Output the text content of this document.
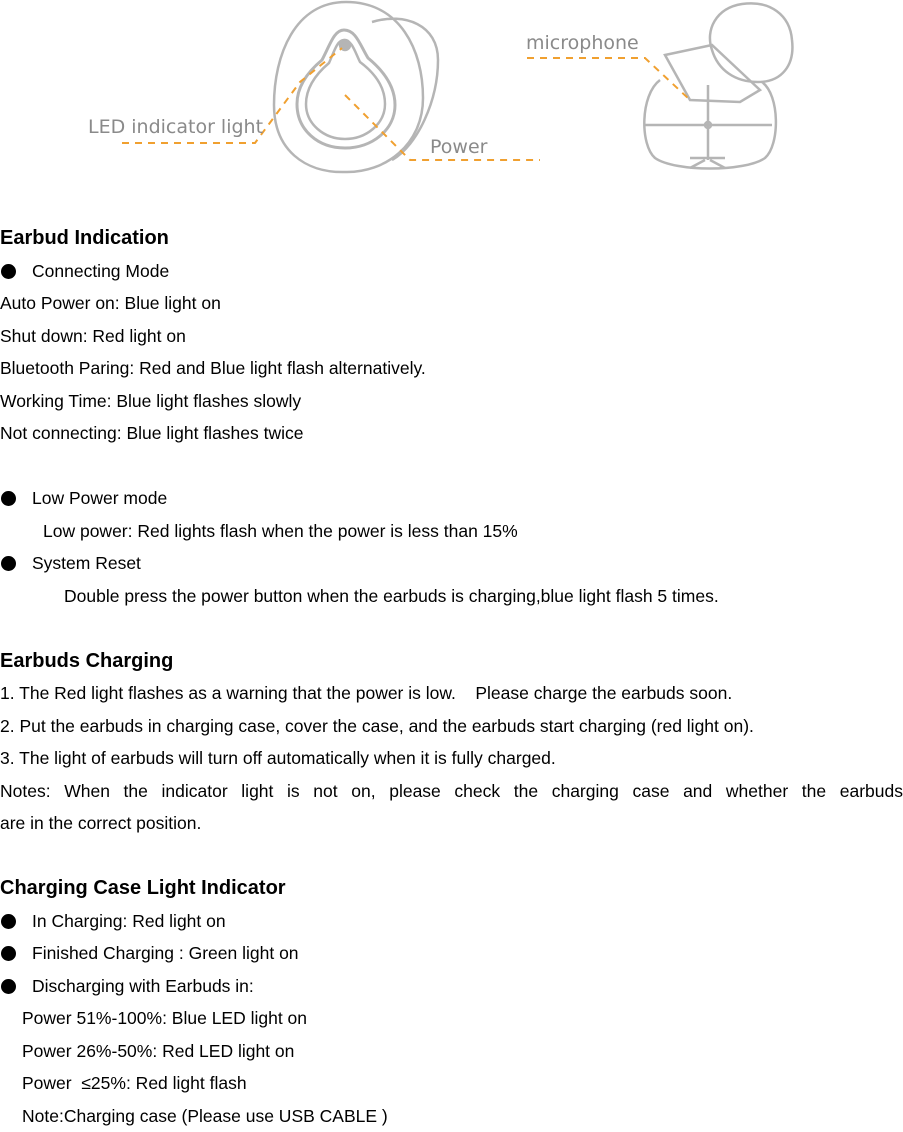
LED indicator light
Power
microphone
Earbud Indication
Connecting Mode
Auto Power on: Blue light on
Shut down: Red light on
Bluetooth Paring: Red and Blue light flash alternatively.
Working Time: Blue light flashes slowly
Not connecting: Blue light flashes twice
Low Power mode
Low power: Red lights flash when the power is less than 15%
System Reset
Double press the power button when the earbuds is charging,blue light flash 5 times.
Earbuds Charging
1. The Red light flashes as a warning that the power is low.    Please charge the earbuds soon.
2. Put the earbuds in charging case, cover the case, and the earbuds start charging (red light on).
3. The light of earbuds will turn off automatically when it is fully charged.
Notes: When the indicator light is not on, please check the charging case and whether the earbuds
are in the correct position.
Charging Case Light Indicator
In Charging: Red light on
Finished Charging : Green light on
Discharging with Earbuds in:
Power 51%-100%: Blue LED light on
Power 26%-50%: Red LED light on
Power  ≤25%: Red light flash
Note:Charging case (Please use USB CABLE )
